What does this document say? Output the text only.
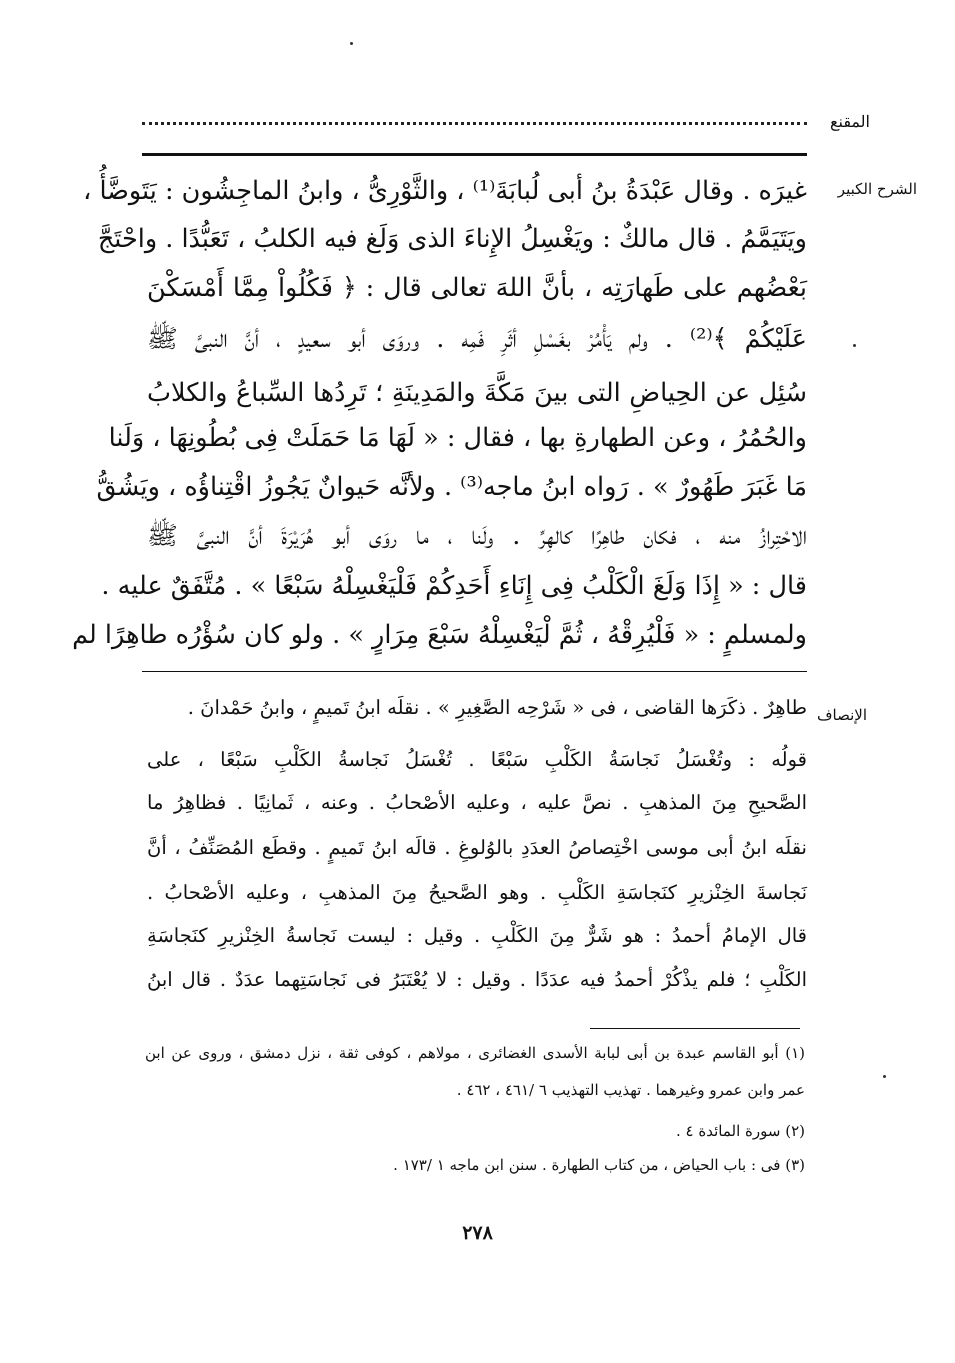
المقنع
الشرح الكبير
الإنصاف
غيرَه . وقال عَبْدَةُ بنُ أبى لُبابَةَ⁽¹⁾ ، والثَّوْرِىُّ ، وابنُ الماجِشُون : يَتَوضَّأُ ،
ويَتَيَمَّمُ . قال مالكٌ : ويَغْسِلُ الإِناءَ الذى وَلَغ فيه الكلبُ ، تَعَبُّدًا . واحْتَجَّ
بَعْضُهم على طَهارَتِه ، بأنَّ اللهَ تعالى قال : ﴿ فَكُلُواْ مِمَّا أَمْسَكْنَ
عَلَيْكُمْ ﴾⁽²⁾ . ولم يَأْمُرْ بغَسْلِ أثَرِ فَمِه . وروَى أبو سعيدٍ ، أنَّ النبىَّ ﷺ
سُئِل عن الحِياضِ التى بينَ مَكَّةَ والمَدِينَةِ ؛ تَرِدُها السِّباعُ والكلابُ
والحُمُرُ ، وعن الطهارةِ بها ، فقال : « لَهَا مَا حَمَلَتْ فِى بُطُونِهَا ، وَلَنا
مَا غَبَرَ طَهُورٌ » . رَواه ابنُ ماجه⁽³⁾ . ولأنَّه حَيوانٌ يَجُوزُ اقْتِناؤُه ، ويَشُقُّ
الاحْتِرازُ منه ، فكان طاهِرًا كالهِرِّ . ولَنا ، ما روَى أبو هُرَيْرَةَ أنَّ النبىَّ ﷺ
قال : « إِذَا وَلَغَ الْكَلْبُ فِى إِنَاءِ أَحَدِكُمْ فَلْيَغْسِلْهُ سَبْعًا » . مُتَّفَقٌ عليه .
ولمسلمٍ : « فَلْيُرِقْهُ ، ثُمَّ لْيَغْسِلْهُ سَبْعَ مِرَارٍ » . ولو كان سُؤْرُه طاهِرًا لم
طاهِرٌ . ذكَرَها القاضى ، فى « شَرْحِه الصَّغِيرِ » . نقلَه ابنُ تَميمٍ ، وابنُ حَمْدانَ .
قولُه : وتُغْسَلُ نَجاسَةُ الكَلْبِ سَبْعًا . تُغْسَلُ نَجاسةُ الكَلْبِ سَبْعًا ، على
الصَّحيحِ مِنَ المذهبِ . نصَّ عليه ، وعليه الأصْحابُ . وعنه ، ثَمانِيًا . فظاهِرُ ما
نقلَه ابنُ أبى موسى اخْتِصاصُ العدَدِ بالوُلوغِ . قالَه ابنُ تَميمٍ . وقطَع المُصَنِّفُ ، أنَّ
نَجاسةَ الخِنْزيرِ كنَجاسَةِ الكَلْبِ . وهو الصَّحيحُ مِنَ المذهبِ ، وعليه الأصْحابُ .
قال الإمامُ أحمدُ : هو شَرٌّ مِنَ الكَلْبِ . وقيل : ليست نَجاسةُ الخِنْزيرِ كنَجاسَةِ
الكَلْبِ ؛ فلم يذْكُرْ أحمدُ فيه عدَدًا . وقيل : لا يُعْتَبَرُ فى نَجاسَتِهما عدَدٌ . قال ابنُ
(١) أبو القاسم عبدة بن أبى لبابة الأسدى الغضائرى ، مولاهم ، كوفى ثقة ، نزل دمشق ، وروى عن ابن
عمر وابن عمرو وغيرهما . تهذيب التهذيب ٦ /٤٦١ ، ٤٦٢ .
(٢) سورة المائدة ٤ .
(٣) فى : باب الحياض ، من كتاب الطهارة . سنن ابن ماجه ١ /١٧٣ .
٢٧٨
